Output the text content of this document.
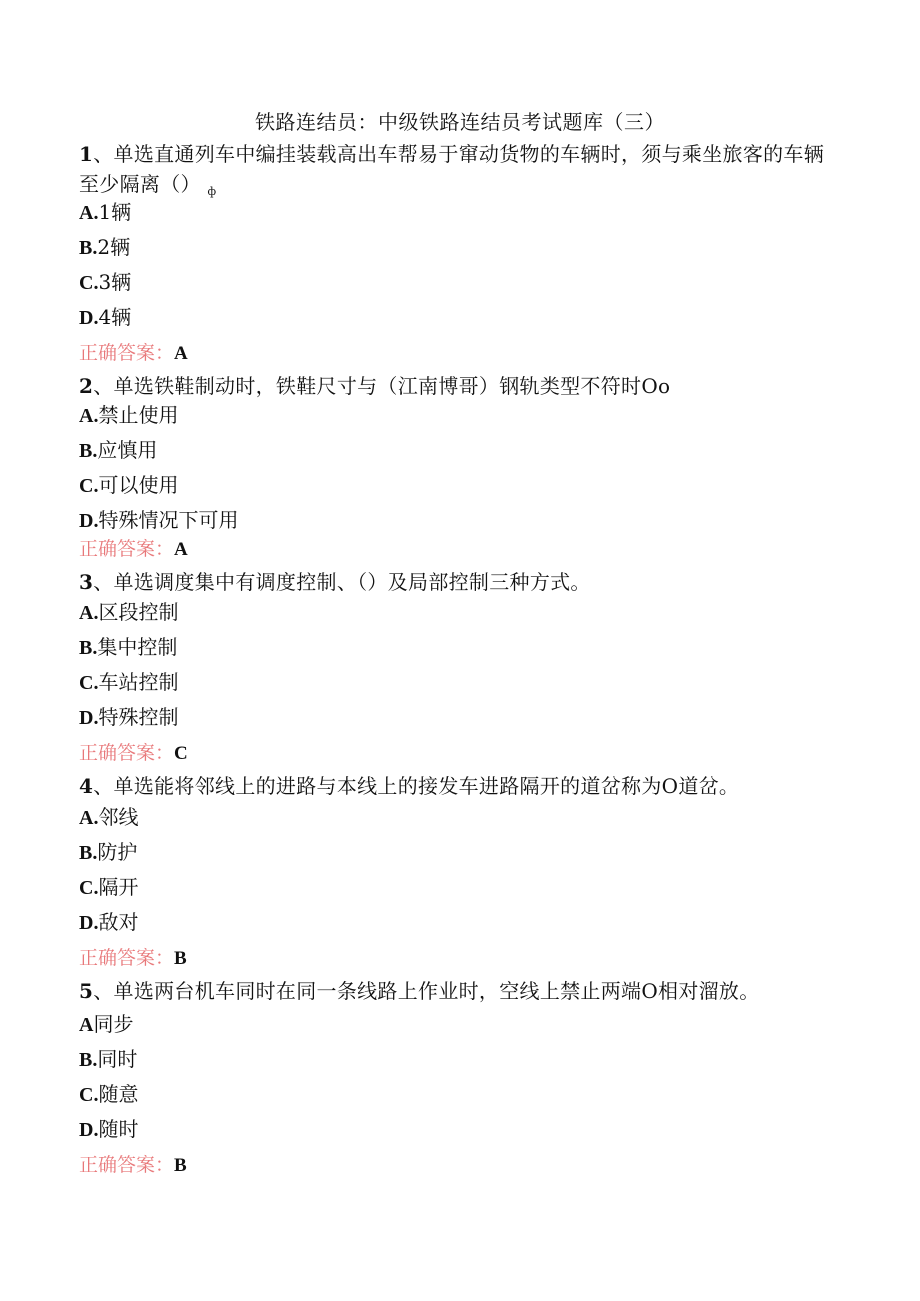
铁路连结员：中级铁路连结员考试题库（三）
1、单选直通列车中编挂装载高出车帮易于窜动货物的车辆时，须与乘坐旅客的车辆至少隔离（） $_ф$
A.1辆
B.2辆
C.3辆
D.4辆
正确答案：A
2、单选铁鞋制动时，铁鞋尺寸与（江南博哥）钢轨类型不符时Oo
A.禁止使用
B.应慎用
C.可以使用
D.特殊情况下可用
正确答案：A
3、单选调度集中有调度控制、（）及局部控制三种方式。
A.区段控制
B.集中控制
C.车站控制
D.特殊控制
正确答案：C
4、单选能将邻线上的进路与本线上的接发车进路隔开的道岔称为O道岔。
A.邻线
B.防护
C.隔开
D.敌对
正确答案：B
5、单选两台机车同时在同一条线路上作业时，空线上禁止两端O相对溜放。
A同步
B.同时
C.随意
D.随时
正确答案：B
